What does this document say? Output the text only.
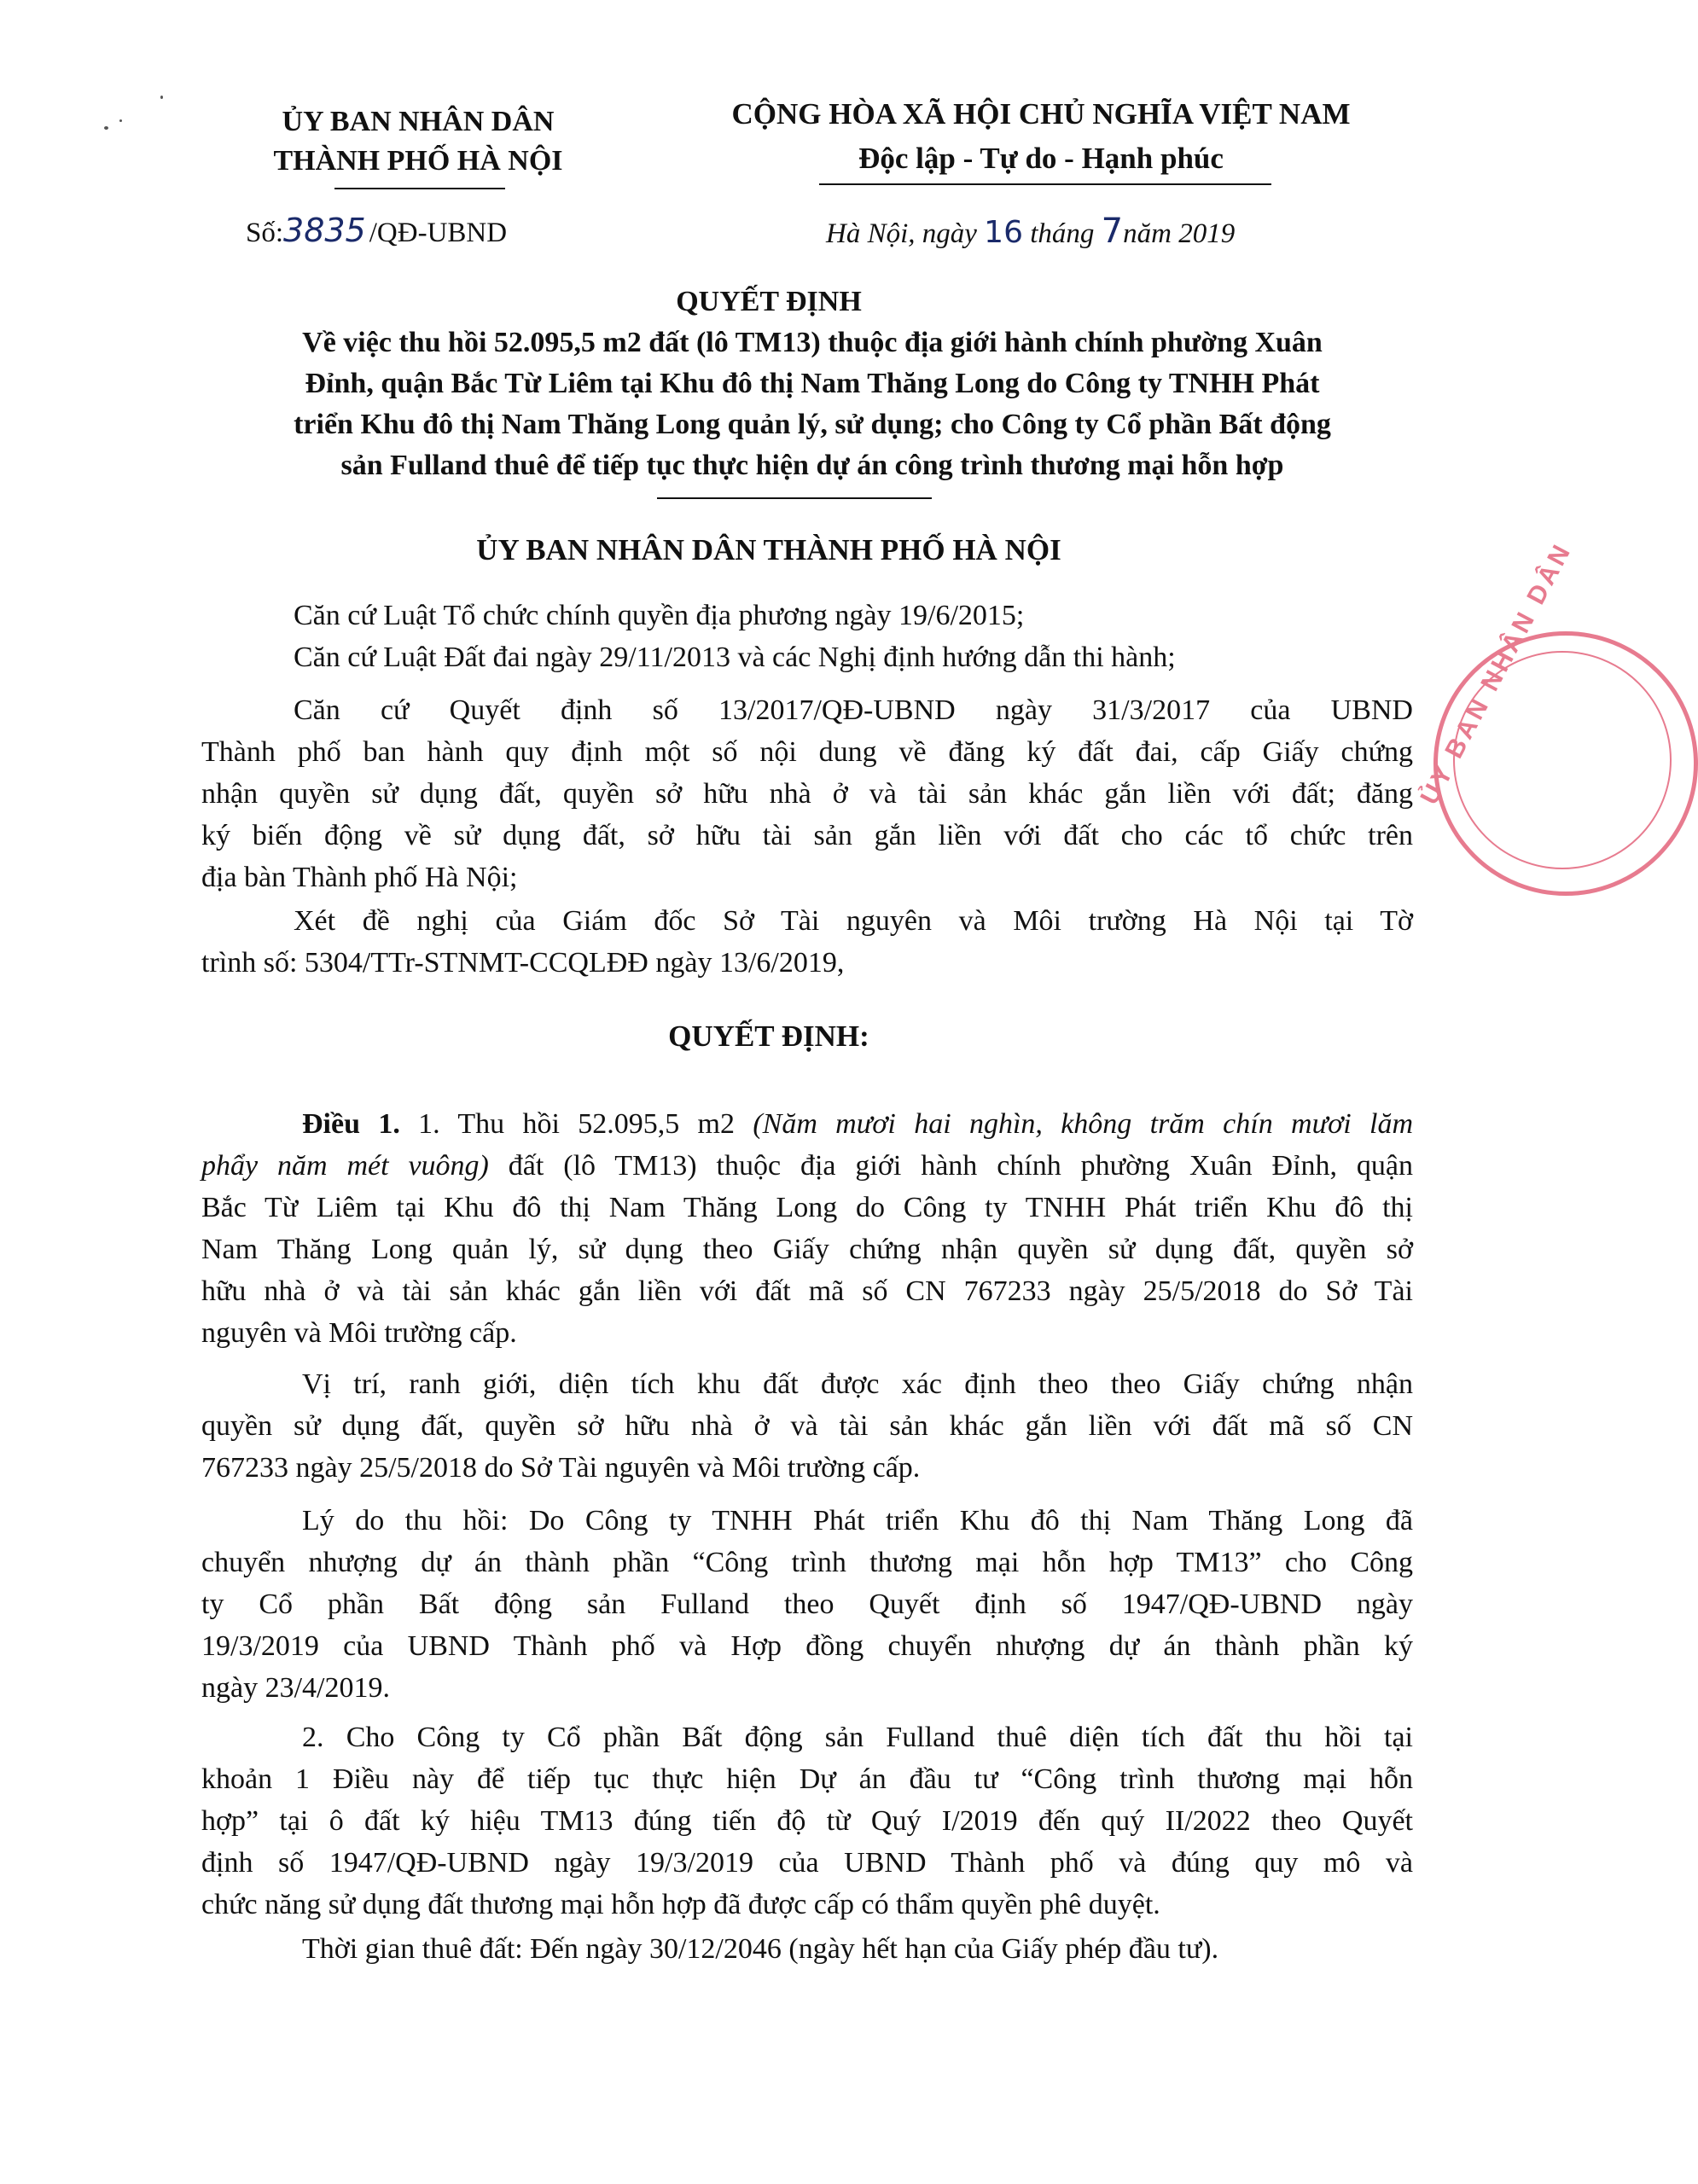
ỦY BAN NHÂN DÂN
THÀNH PHỐ HÀ NỘI
CỘNG HÒA XÃ HỘI CHỦ NGHĨA VIỆT NAM
Độc lập - Tự do - Hạnh phúc
Số:3835 /QĐ-UBND	Hà Nội, ngày 16 tháng 7năm 2019
QUYẾT ĐỊNH
Về việc thu hồi 52.095,5 m2 đất (lô TM13) thuộc địa giới hành chính phường Xuân
Đỉnh, quận Bắc Từ Liêm tại Khu đô thị Nam Thăng Long do Công ty TNHH Phát
triển Khu đô thị Nam Thăng Long quản lý, sử dụng; cho Công ty Cổ phần Bất động
sản Fulland thuê để tiếp tục thực hiện dự án công trình thương mại hỗn hợp
ỦY BAN NHÂN DÂN THÀNH PHỐ HÀ NỘI
Căn cứ Luật Tổ chức chính quyền địa phương ngày 19/6/2015;
Căn cứ Luật Đất đai ngày 29/11/2013 và các Nghị định hướng dẫn thi hành;
Căn cứ Quyết định số 13/2017/QĐ-UBND ngày 31/3/2017 của UBND
Thành phố ban hành quy định một số nội dung về đăng ký đất đai, cấp Giấy chứng
nhận quyền sử dụng đất, quyền sở hữu nhà ở và tài sản khác gắn liền với đất; đăng
ký biến động về sử dụng đất, sở hữu tài sản gắn liền với đất cho các tổ chức trên
địa bàn Thành phố Hà Nội;
Xét đề nghị của Giám đốc Sở Tài nguyên và Môi trường Hà Nội tại Tờ
trình số: 5304/TTr-STNMT-CCQLĐĐ ngày 13/6/2019,
QUYẾT ĐỊNH:
Điều 1. 1. Thu hồi 52.095,5 m2 (Năm mươi hai nghìn, không trăm chín mươi lăm
phẩy năm mét vuông) đất (lô TM13) thuộc địa giới hành chính phường Xuân Đỉnh, quận
Bắc Từ Liêm tại Khu đô thị Nam Thăng Long do Công ty TNHH Phát triển Khu đô thị
Nam Thăng Long quản lý, sử dụng theo Giấy chứng nhận quyền sử dụng đất, quyền sở
hữu nhà ở và tài sản khác gắn liền với đất mã số CN 767233 ngày 25/5/2018 do Sở Tài
nguyên và Môi trường cấp.
Vị trí, ranh giới, diện tích khu đất được xác định theo theo Giấy chứng nhận
quyền sử dụng đất, quyền sở hữu nhà ở và tài sản khác gắn liền với đất mã số CN
767233 ngày 25/5/2018 do Sở Tài nguyên và Môi trường cấp.
Lý do thu hồi: Do Công ty TNHH Phát triển Khu đô thị Nam Thăng Long đã
chuyển nhượng dự án thành phần “Công trình thương mại hỗn hợp TM13” cho Công
ty Cổ phần Bất động sản Fulland theo Quyết định số 1947/QĐ-UBND ngày
19/3/2019 của UBND Thành phố và Hợp đồng chuyển nhượng dự án thành phần ký
ngày 23/4/2019.
2. Cho Công ty Cổ phần Bất động sản Fulland thuê diện tích đất thu hồi tại
khoản 1 Điều này để tiếp tục thực hiện Dự án đầu tư “Công trình thương mại hỗn
hợp” tại ô đất ký hiệu TM13 đúng tiến độ từ Quý I/2019 đến quý II/2022 theo Quyết
định số 1947/QĐ-UBND ngày 19/3/2019 của UBND Thành phố và đúng quy mô và
chức năng sử dụng đất thương mại hỗn hợp đã được cấp có thẩm quyền phê duyệt.
Thời gian thuê đất: Đến ngày 30/12/2046 (ngày hết hạn của Giấy phép đầu tư).
ỦY BAN NHÂN DÂN
